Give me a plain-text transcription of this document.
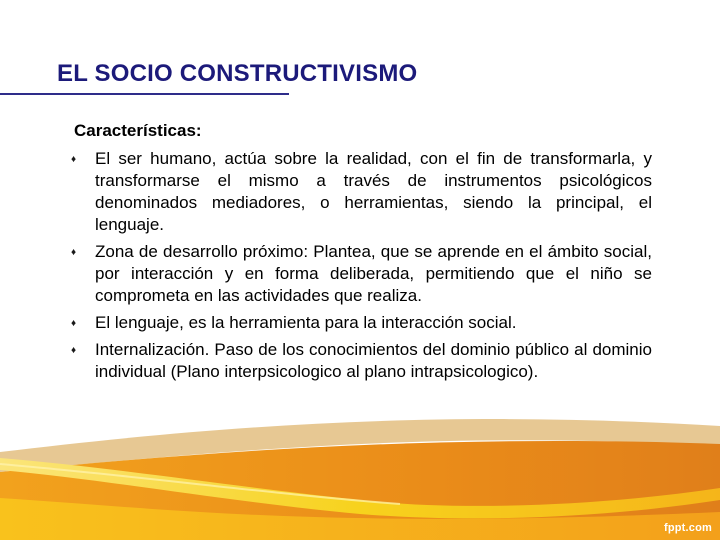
EL SOCIO CONSTRUCTIVISMO
Características:
♦ El ser humano, actúa sobre la realidad, con el fin de transformarla, y transformarse el mismo a través de instrumentos psicológicos denominados mediadores, o herramientas, siendo la principal, el lenguaje.
♦ Zona de desarrollo próximo: Plantea, que se aprende en el ámbito social, por interacción y en forma deliberada, permitiendo que el niño se comprometa en las actividades que realiza.
♦ El lenguaje, es la herramienta para la interacción social.
♦ Internalización. Paso de los conocimientos del dominio público al dominio individual (Plano interpsicologico al plano intrapsicologico).
fppt.com
